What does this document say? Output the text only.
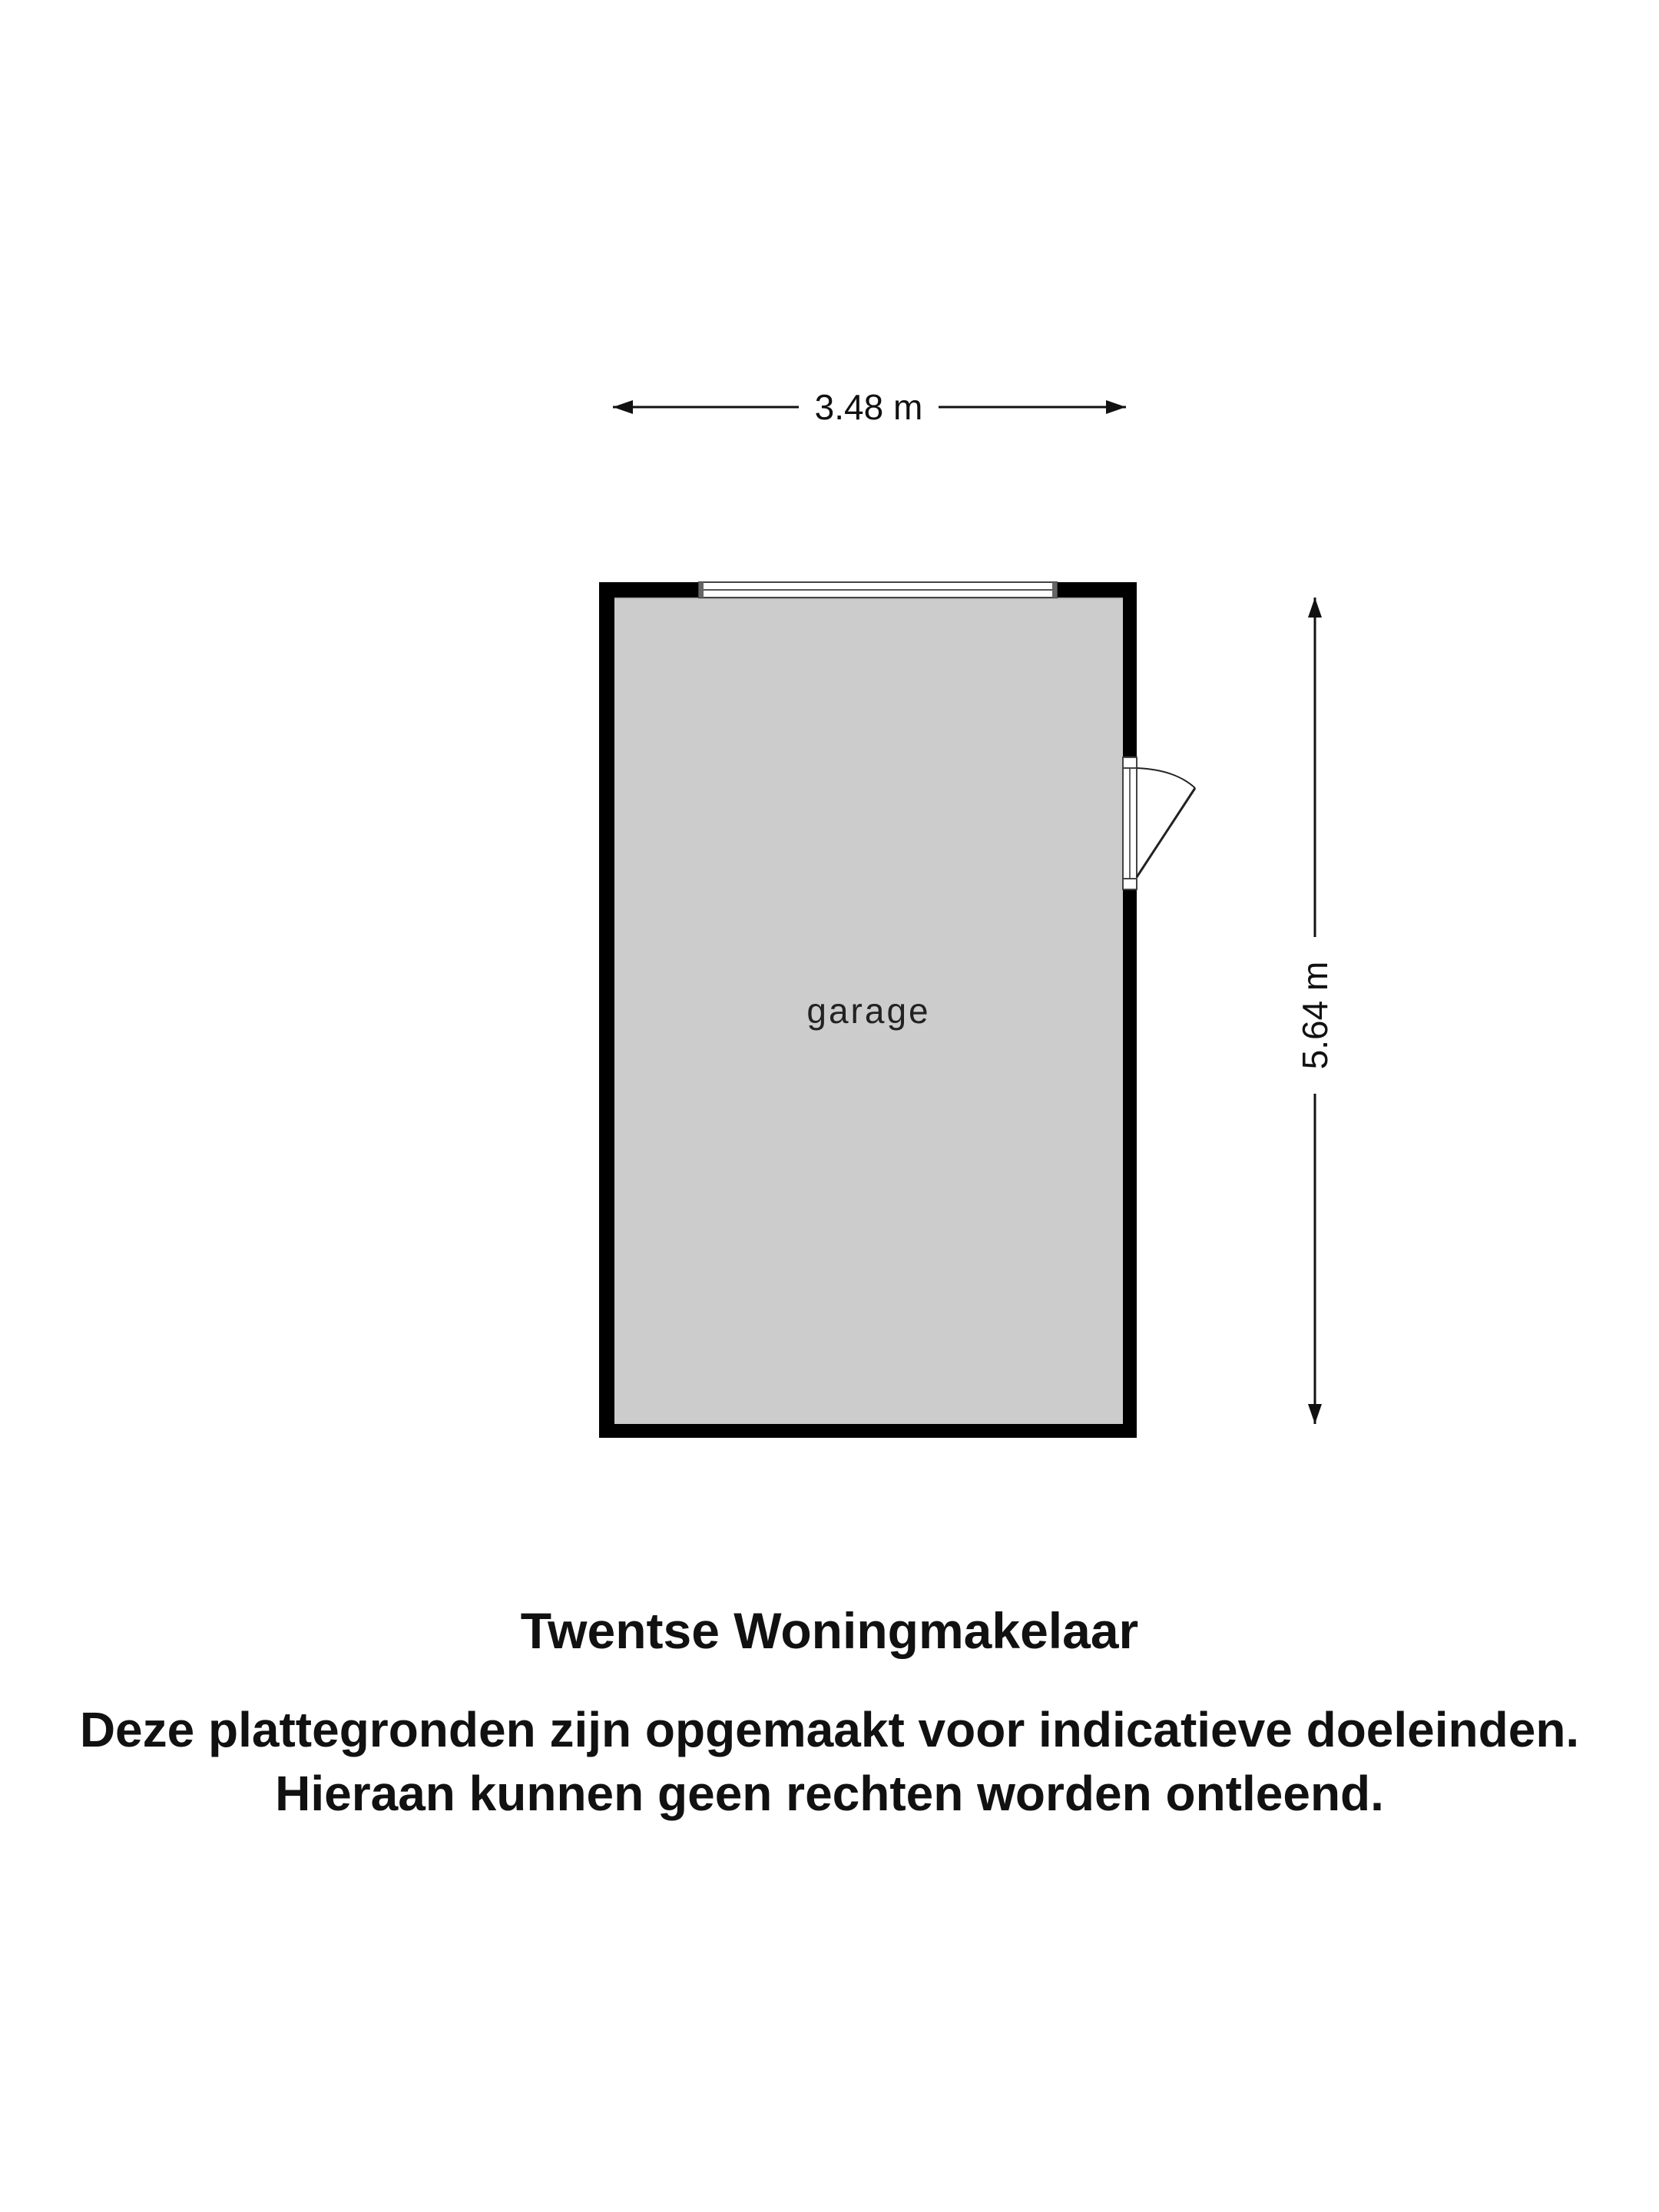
3.48 m
5.64 m
garage

Twentse Woningmakelaar

Deze plattegronden zijn opgemaakt voor indicatieve doeleinden.

Hieraan kunnen geen rechten worden ontleend.
